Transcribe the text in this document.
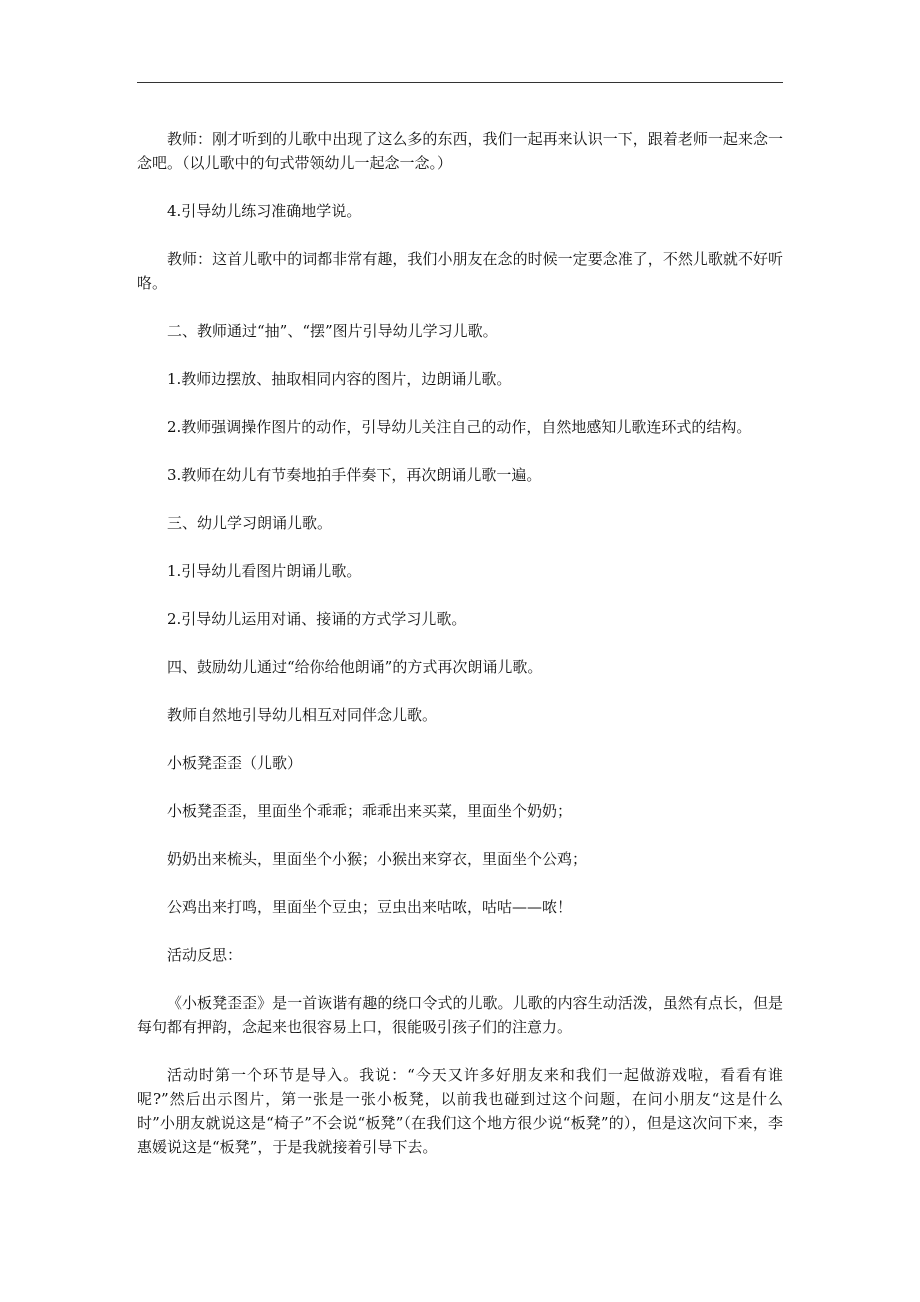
教师：刚才听到的儿歌中出现了这么多的东西，我们一起再来认识一下，跟着老师一起来念一念吧。（以儿歌中的句式带领幼儿一起念一念。）

4.引导幼儿练习准确地学说。

教师：这首儿歌中的词都非常有趣，我们小朋友在念的时候一定要念准了，不然儿歌就不好听咯。

二、教师通过“抽”、“摆”图片引导幼儿学习儿歌。

1.教师边摆放、抽取相同内容的图片，边朗诵儿歌。

2.教师强调操作图片的动作，引导幼儿关注自己的动作，自然地感知儿歌连环式的结构。

3.教师在幼儿有节奏地拍手伴奏下，再次朗诵儿歌一遍。

三、幼儿学习朗诵儿歌。

1.引导幼儿看图片朗诵儿歌。

2.引导幼儿运用对诵、接诵的方式学习儿歌。

四、鼓励幼儿通过“给你给他朗诵”的方式再次朗诵儿歌。

教师自然地引导幼儿相互对同伴念儿歌。

小板凳歪歪（儿歌）

小板凳歪歪，里面坐个乖乖；乖乖出来买菜，里面坐个奶奶；

奶奶出来梳头，里面坐个小猴；小猴出来穿衣，里面坐个公鸡；

公鸡出来打鸣，里面坐个豆虫；豆虫出来咕哝，咕咕——哝！

活动反思：

《小板凳歪歪》是一首诙谐有趣的绕口令式的儿歌。儿歌的内容生动活泼，虽然有点长，但是每句都有押韵，念起来也很容易上口，很能吸引孩子们的注意力。

活动时第一个环节是导入。我说：“今天又许多好朋友来和我们一起做游戏啦，看看有谁呢?”然后出示图片，第一张是一张小板凳，以前我也碰到过这个问题，在问小朋友“这是什么时”小朋友就说这是“椅子”不会说“板凳”（在我们这个地方很少说“板凳”的），但是这次问下来，李惠媛说这是“板凳”，于是我就接着引导下去。
